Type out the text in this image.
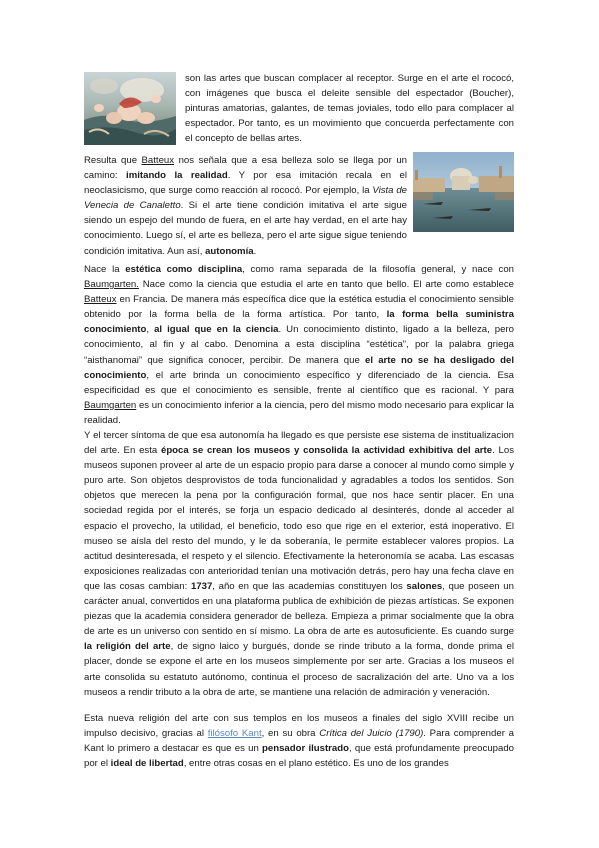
son las artes que buscan complacer al receptor. Surge en el arte el rococó, con imágenes que busca el deleite sensible del espectador (Boucher), pinturas amatorias, galantes, de temas joviales, todo ello para complacer al espectador. Por tanto, es un movimiento que concuerda perfectamente con el concepto de bellas artes.

Resulta que Batteux nos señala que a esa belleza solo se llega por un camino: imitando la realidad. Y por esa imitación recala en el neoclasicismo, que surge como reacción al rococó. Por ejemplo, la Vista de Venecia de Canaletto. Si el arte tiene condición imitativa el arte sigue siendo un espejo del mundo de fuera, en el arte hay verdad, en el arte hay conocimiento. Luego sí, el arte es belleza, pero el arte sigue sigue teniendo condición imitativa. Aun así, autonomía.

Nace la estética como disciplina, como rama separada de la filosofía general, y nace con Baumgarten. Nace como la ciencia que estudia el arte en tanto que bello. El arte como establece Batteux en Francia. De manera más específica dice que la estética estudia el conocimiento sensible obtenido por la forma bella de la forma artística. Por tanto, la forma bella suministra conocimiento, al igual que en la ciencia. Un conocimiento distinto, ligado a la belleza, pero conocimiento, al fin y al cabo. Denomina a esta disciplina “estética”, por la palabra griega “aisthanomai” que significa conocer, percibir. De manera que el arte no se ha desligado del conocimiento, el arte brinda un conocimiento específico y diferenciado de la ciencia. Esa especificidad es que el conocimiento es sensible, frente al científico que es racional. Y para Baumgarten es un conocimiento inferior a la ciencia, pero del mismo modo necesario para explicar la realidad.

Y el tercer síntoma de que esa autonomía ha llegado es que persiste ese sistema de institualizacion del arte. En esta época se crean los museos y consolida la actividad exhibitiva del arte. Los museos suponen proveer al arte de un espacio propio para darse a conocer al mundo como simple y puro arte. Son objetos desprovistos de toda funcionalidad y agradables a todos los sentidos. Son objetos que merecen la pena por la configuración formal, que nos hace sentir placer. En una sociedad regida por el interés, se forja un espacio dedicado al desinterés, donde al acceder al espacio el provecho, la utilidad, el beneficio, todo eso que rige en el exterior, está inoperativo. El museo se aísla del resto del mundo, y le da soberanía, le permite establecer valores propios. La actitud desinteresada, el respeto y el silencio. Efectivamente la heteronomía se acaba. Las escasas exposiciones realizadas con anterioridad tenían una motivación detrás, pero hay una fecha clave en que las cosas cambian: 1737, año en que las academias constituyen los salones, que poseen un carácter anual, convertidos en una plataforma publica de exhibición de piezas artísticas. Se exponen piezas que la academia considera generador de belleza. Empieza a primar socialmente que la obra de arte es un universo con sentido en sí mismo. La obra de arte es autosuficiente. Es cuando surge la religión del arte, de signo laico y burgués, donde se rinde tributo a la forma, donde prima el placer, donde se expone el arte en los museos simplemente por ser arte. Gracias a los museos el arte consolida su estatuto autónomo, continua el proceso de sacralización del arte. Uno va a los museos a rendir tributo a la obra de arte, se mantiene una relación de admiración y veneración.

Esta nueva religión del arte con sus templos en los museos a finales del siglo XVIII recibe un impulso decisivo, gracias al filósofo Kant, en su obra Crítica del Juicio (1790). Para comprender a Kant lo primero a destacar es que es un pensador ilustrado, que está profundamente preocupado por el ideal de libertad, entre otras cosas en el plano estético. Es uno de los grandes
